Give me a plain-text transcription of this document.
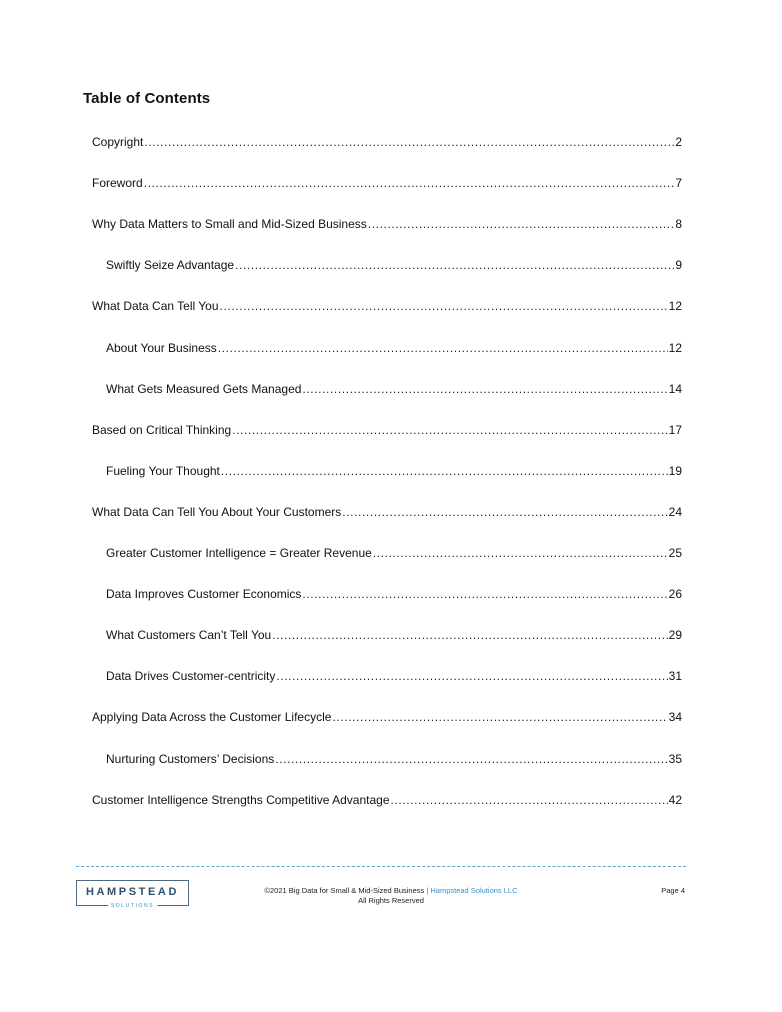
Table of Contents
Copyright .....	2
Foreword .....	7
Why Data Matters to Small and Mid-Sized Business .....	8
Swiftly Seize Advantage .....	9
What Data Can Tell You .....	12
About Your Business .....	12
What Gets Measured Gets Managed .....	14
Based on Critical Thinking .....	17
Fueling Your Thought .....	19
What Data Can Tell You About Your Customers .....	24
Greater Customer Intelligence = Greater Revenue .....	25
Data Improves Customer Economics .....	26
What Customers Can’t Tell You .....	29
Data Drives Customer-centricity .....	31
Applying Data Across the Customer Lifecycle .....	34
Nurturing Customers’ Decisions .....	35
Customer Intelligence Strengths Competitive Advantage .....	42
HAMPSTEAD
SOLUTIONS
©2021 Big Data for Small & Mid-Sized Business | Hampstead Solutions LLC
All Rights Reserved
Page 4
